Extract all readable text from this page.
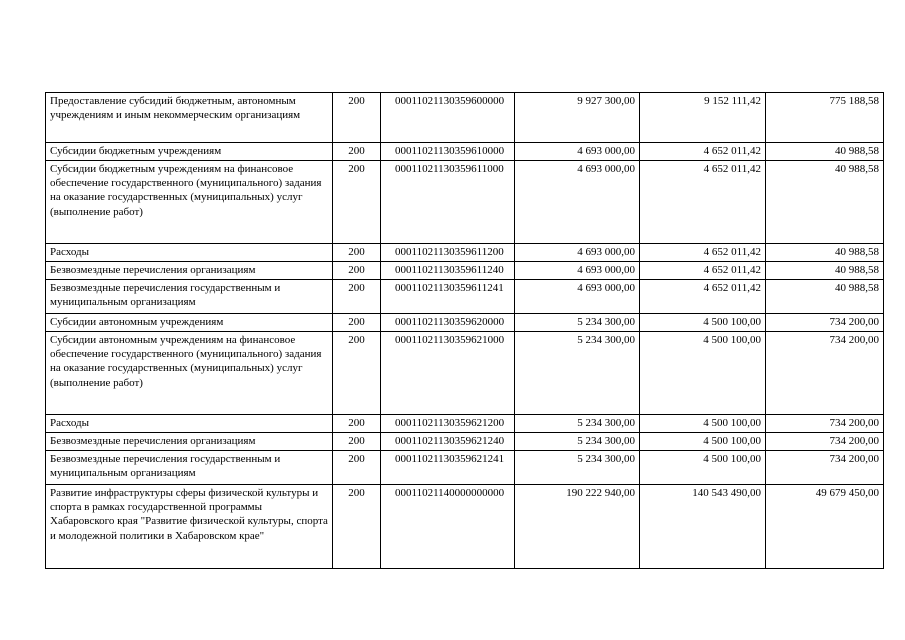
Предоставление субсидий бюджетным, автономным учреждениям и иным некоммерческим организациям	200	00011021130359600000	9 927 300,00	9 152 111,42	775 188,58
Субсидии бюджетным учреждениям	200	00011021130359610000	4 693 000,00	4 652 011,42	40 988,58
Субсидии бюджетным учреждениям на финансовое обеспечение государственного (муниципального) задания на оказание государственных (муниципальных) услуг (выполнение работ)	200	00011021130359611000	4 693 000,00	4 652 011,42	40 988,58
Расходы	200	00011021130359611200	4 693 000,00	4 652 011,42	40 988,58
Безвозмездные перечисления организациям	200	00011021130359611240	4 693 000,00	4 652 011,42	40 988,58
Безвозмездные перечисления государственным и муниципальным организациям	200	00011021130359611241	4 693 000,00	4 652 011,42	40 988,58
Субсидии автономным учреждениям	200	00011021130359620000	5 234 300,00	4 500 100,00	734 200,00
Субсидии автономным учреждениям на финансовое обеспечение государственного (муниципального) задания на оказание государственных (муниципальных) услуг (выполнение работ)	200	00011021130359621000	5 234 300,00	4 500 100,00	734 200,00
Расходы	200	00011021130359621200	5 234 300,00	4 500 100,00	734 200,00
Безвозмездные перечисления организациям	200	00011021130359621240	5 234 300,00	4 500 100,00	734 200,00
Безвозмездные перечисления государственным и муниципальным организациям	200	00011021130359621241	5 234 300,00	4 500 100,00	734 200,00
Развитие инфраструктуры сферы физической культуры и спорта в рамках государственной программы Хабаровского края "Развитие физической культуры, спорта и молодежной политики в Хабаровском крае"	200	00011021140000000000	190 222 940,00	140 543 490,00	49 679 450,00
